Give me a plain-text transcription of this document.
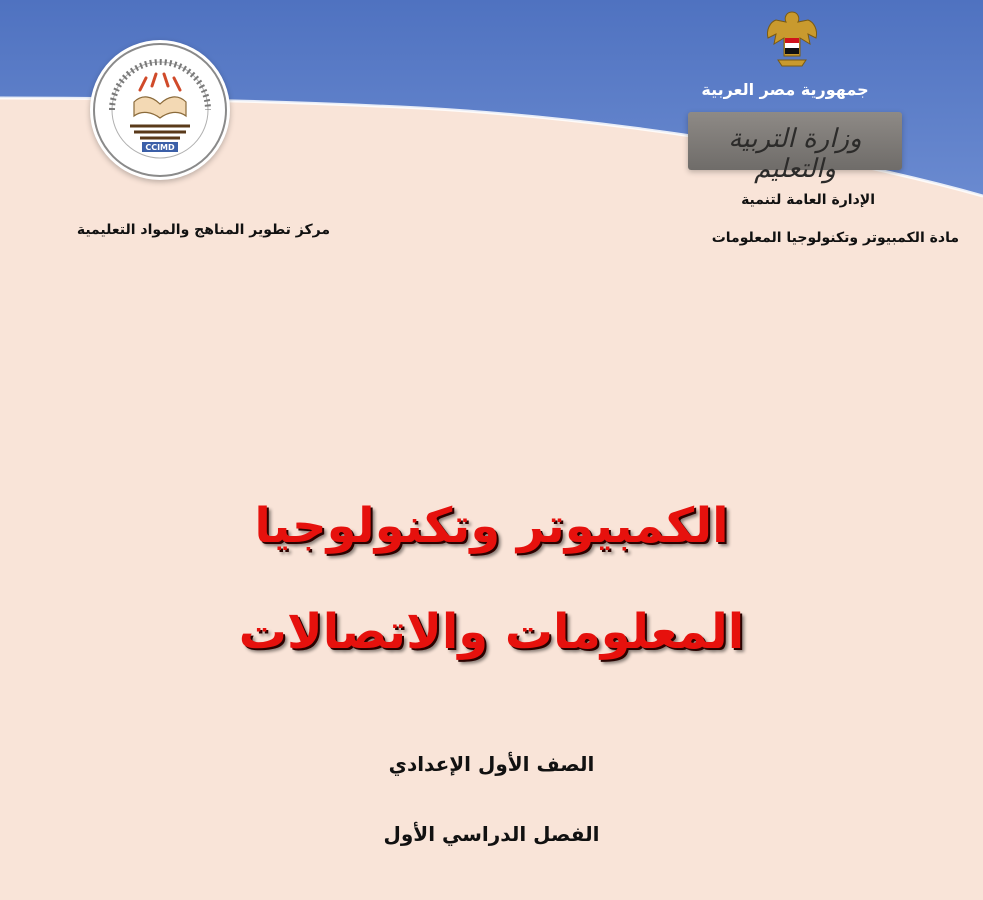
جمهورية مصر العربية
وزارة التربية والتعليم
الإدارة العامة لتنمية
مادة الكمبيوتر وتكنولوجيا المعلومات
CCIMD
مركز تطوير المناهج والمواد التعليمية
الكمبيوتر وتكنولوجيا
المعلومات والاتصالات
الصف الأول الإعدادي
الفصل الدراسي الأول
